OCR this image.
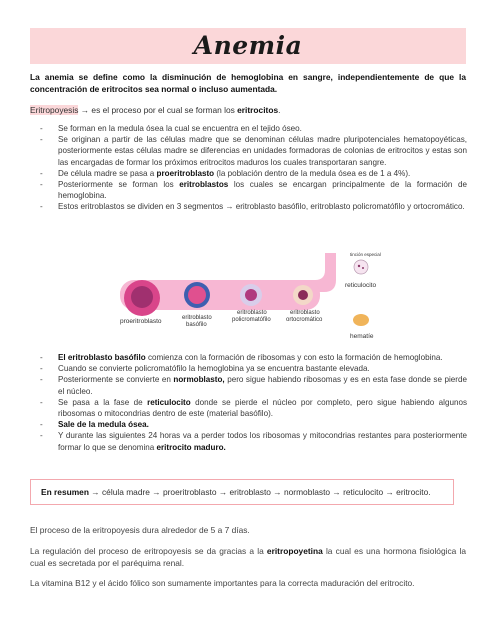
Anemia
La anemia se define como la disminución de hemoglobina en sangre, independientemente de que la concentración de eritrocitos sea normal o incluso aumentada.
Eritropoyesis → es el proceso por el cual se forman los eritrocitos.
- Se forman en la medula ósea la cual se encuentra en el tejido óseo.
- Se originan a partir de las células madre que se denominan células madre pluripotenciales hematopoyéticas, posteriormente estas células madre se diferencias en unidades formadoras de colonias de eritrocitos y estas son las encargadas de formar los próximos eritrocitos maduros los cuales transportaran sangre.
- De célula madre se pasa a proeritroblasto (la población dentro de la medula ósea es de 1 a 4%).
- Posteriormente se forman los eritroblastos los cuales se encargan principalmente de la formación de hemoglobina.
- Estos eritroblastos se dividen en 3 segmentos → eritroblasto basófilo, eritroblasto policromatófilo y ortocromático.
tinción especial
reticulocito
hematíe
proeritroblasto	eritroblasto
basófilo
eritroblasto
policromatófilo
eritroblasto
ortocromático
- El eritroblasto basófilo comienza con la formación de ribosomas y con esto la formación de hemoglobina.
- Cuando se convierte policromatófilo la hemoglobina ya se encuentra bastante elevada.
- Posteriormente se convierte en normoblasto, pero sigue habiendo ribosomas y es en esta fase donde se pierde el núcleo.
- Se pasa a la fase de reticulocito donde se pierde el núcleo por completo, pero sigue habiendo algunos ribosomas o mitocondrias dentro de este (material basófilo).
- Sale de la medula ósea.
- Y durante las siguientes 24 horas va a perder todos los ribosomas y mitocondrias restantes para posteriormente formar lo que se denomina eritrocito maduro.
En resumen → célula madre → proeritroblasto → eritroblasto → normoblasto → reticulocito → eritrocito.
El proceso de la eritropoyesis dura alrededor de 5 a 7 días.
La regulación del proceso de eritropoyesis se da gracias a la eritropoyetina la cual es una hormona fisiológica la cual es secretada por el paréquima renal.
La vitamina B12 y el ácido fólico son sumamente importantes para la correcta maduración del eritrocito.
